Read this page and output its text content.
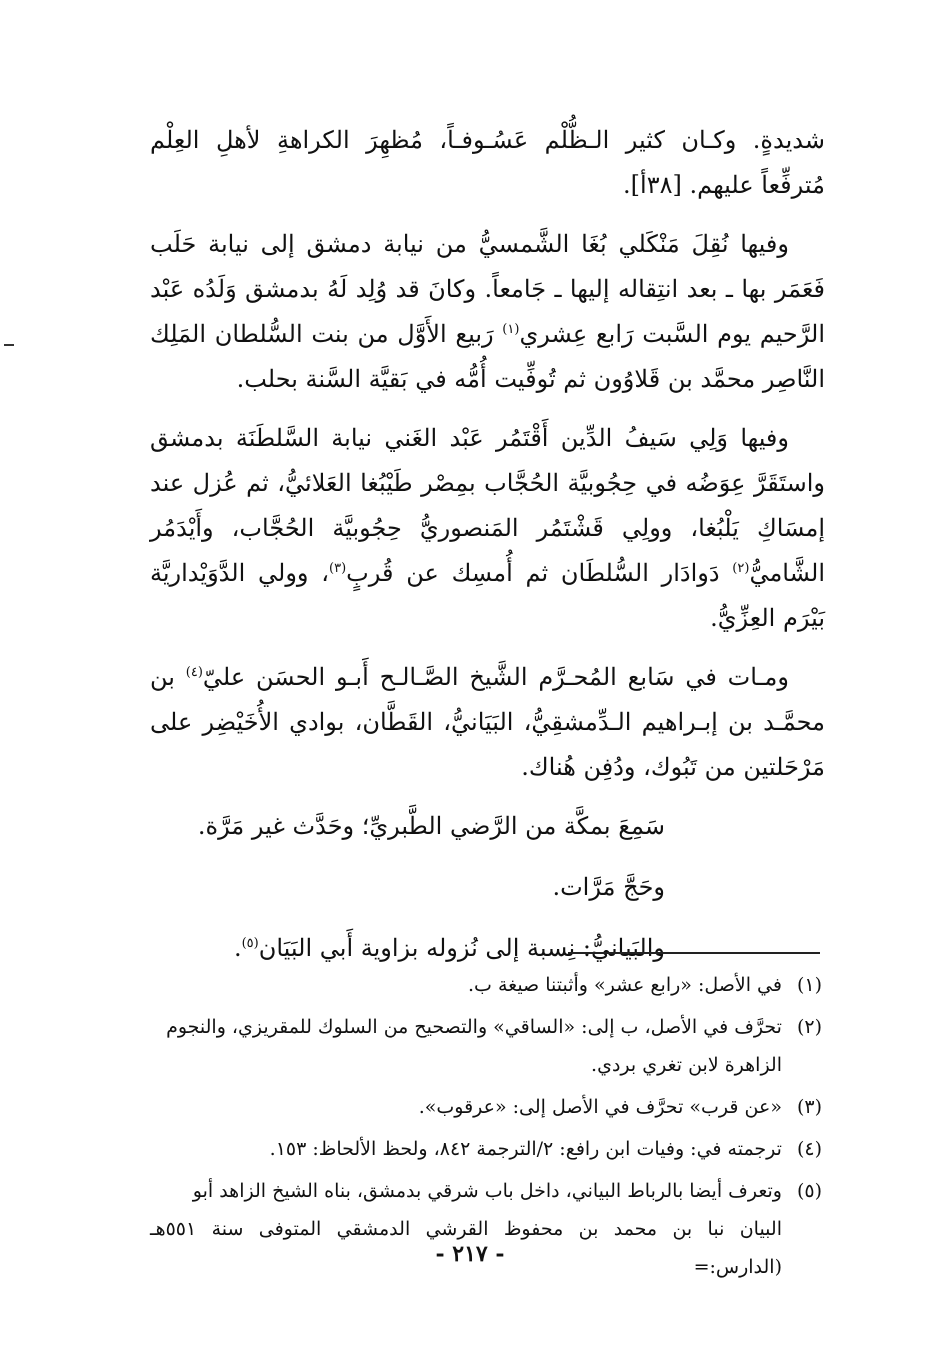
شديدةٍ. وكـان كثير الـظُّلْم عَسُـوفـاً، مُظهِرَ الكراهةِ لأهلِ العِلْم مُترفِّعاً عليهم. [٣٨أ].

وفيها نُقِلَ مَنْكَلي بُغَا الشَّمسيُّ من نيابة دمشق إلى نيابة حَلَب فَعَمَر بها ـ بعد انتِقاله إليها ـ جَامعاً. وكانَ قد وُلِد لَهُ بدمشق وَلَدُه عَبْد الرَّحيم يوم السَّبت رَابع عِشري$^{(١)}$ رَبيع الأَوَّل من بنت السُّلطان المَلِك النَّاصِر محمَّد بن قَلاوُون ثم تُوفِّيت أُمُّه في بَقيَّة السَّنة بحلب.

وفيها وَلِي سَيفُ الدِّين أَقْتَمُر عَبْد الغَني نيابة السَّلطَنَة بدمشق واستَقَرَّ عِوَضُه في حِجُوبيَّة الحُجَّاب بمِصْر طَيْبُغا العَلائيُّ، ثم عُزل عند إمسَاكِ يَلْبُغا، وولِي قَشْتَمُر المَنصوريُّ حِجُوبيَّة الحُجَّاب، وأَيْدَمُر الشَّاميُّ$^{(٢)}$ دَوادَار السُّلطَان ثم أُمسِك عن قُربٍ$^{(٣)}$، وولي الدَّوَيْداريَّة بَيْرَم العِزِّيُّ.

ومـات في سَابع المُحـرَّم الشَّيخ الصَّـالـح أَبـو الحسَن عليّ$^{(٤)}$ بن محمَّـد بن إبـراهيم الـدِّمشقِيُّ، البَيَانيُّ، القَطَّان، بوادي الأُخَيْضِر على مَرْحَلتين من تَبُوك، ودُفِن هُناك.

سَمِعَ بمكَّة من الرَّضي الطَّبريِّ؛ وحَدَّث غير مَرَّة.

وحَجَّ مَرَّات.

والبَيانيُّ: نِسبة إلى نُزوله بزاوية أَبي البَيَان$^{(٥)}$.

(١) في الأصل: «رابع عشر» وأثبتنا صيغة ب.
(٢) تحرَّف في الأصل، ب إلى: «الساقي» والتصحيح من السلوك للمقريزي، والنجوم
الزاهرة لابن تغري بردي.
(٣) «عن قرب» تحرَّف في الأصل إلى: «عرقوب».
(٤) ترجمته في: وفيات ابن رافع: ٢/الترجمة ٨٤٢، ولحظ الألحاظ: ١٥٣.
(٥) وتعرف أيضا بالرباط البياني، داخل باب شرقي بدمشق، بناه الشيخ الزاهد أبو
البيان نبا بن محمد بن محفوظ القرشي الدمشقي المتوفى سنة ٥٥١هـ (الدارس:=
- ٢١٧ -
